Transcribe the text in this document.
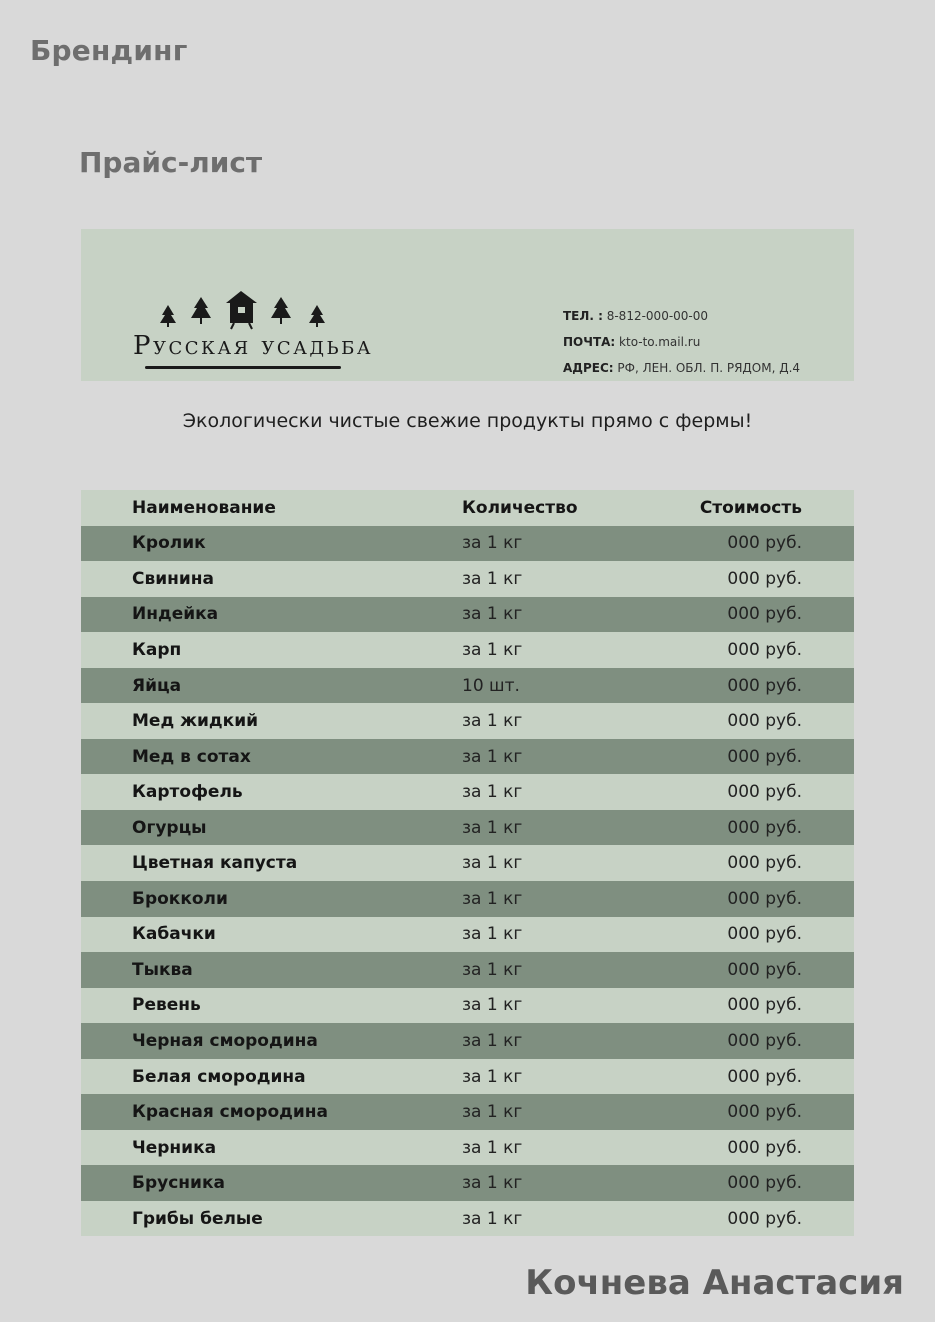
Брендинг
Прайс-лист
Русская усадьба
ТЕЛ. : 8-812-000-00-00
ПОЧТА: kto-to.mail.ru
АДРЕС: РФ, ЛЕН. ОБЛ. П. РЯДОМ, Д.4
Экологически чистые свежие продукты прямо с фермы!
Наименование	Количество	Стоимость
Кролик	за 1 кг	000 руб.
Свинина	за 1 кг	000 руб.
Индейка	за 1 кг	000 руб.
Карп	за 1 кг	000 руб.
Яйца	10 шт.	000 руб.
Мед жидкий	за 1 кг	000 руб.
Мед в сотах	за 1 кг	000 руб.
Картофель	за 1 кг	000 руб.
Огурцы	за 1 кг	000 руб.
Цветная капуста	за 1 кг	000 руб.
Брокколи	за 1 кг	000 руб.
Кабачки	за 1 кг	000 руб.
Тыква	за 1 кг	000 руб.
Ревень	за 1 кг	000 руб.
Черная смородина	за 1 кг	000 руб.
Белая смородина	за 1 кг	000 руб.
Красная смородина	за 1 кг	000 руб.
Черника	за 1 кг	000 руб.
Брусника	за 1 кг	000 руб.
Грибы белые	за 1 кг	000 руб.
Кочнева Анастасия
